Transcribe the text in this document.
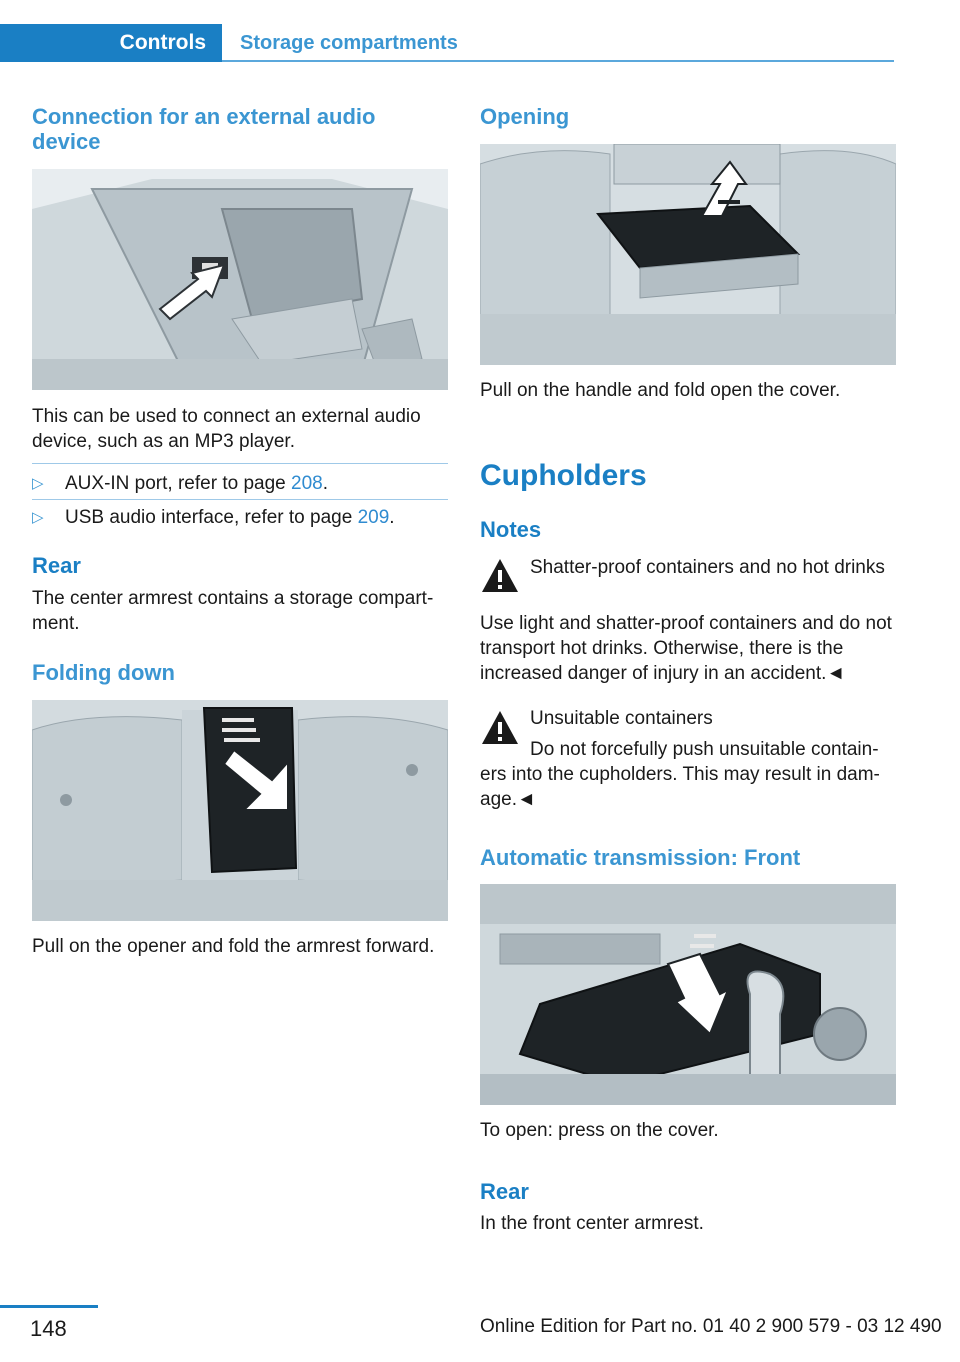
Controls Storage compartments
Connection for an external audio device
This can be used to connect an external audio device, such as an MP3 player.
▷ AUX-IN port, refer to page 208.
▷ USB audio interface, refer to page 209.
Rear
The center armrest contains a storage compart-ment.
Folding down
Pull on the opener and fold the armrest forward.
Opening
Pull on the handle and fold open the cover.
Cupholders
Notes
Shatter-proof containers and no hot drinks
Use light and shatter-proof containers and do not transport hot drinks. Otherwise, there is the increased danger of injury in an accident.◄
Unsuitable containers
Do not forcefully push unsuitable contain-ers into the cupholders. This may result in dam-age.◄
Automatic transmission: Front
To open: press on the cover.
Rear
In the front center armrest.
148	Online Edition for Part no. 01 40 2 900 579 - 03 12 490
